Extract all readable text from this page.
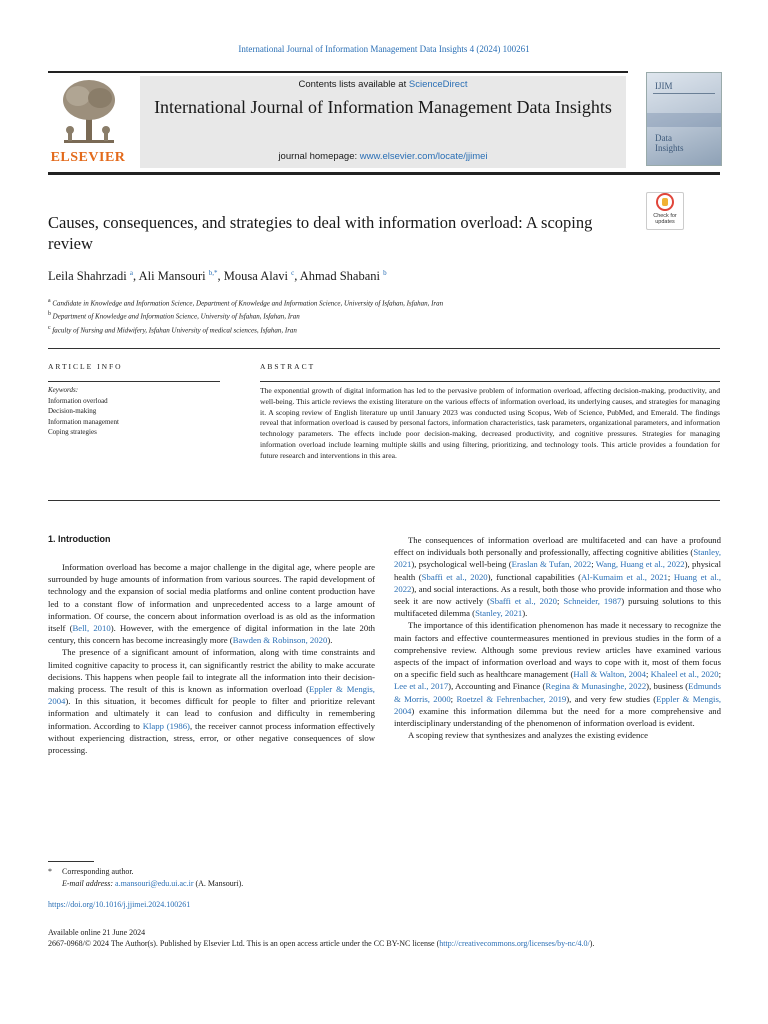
International Journal of Information Management Data Insights 4 (2024) 100261
ELSEVIER
Contents lists available at ScienceDirect
International Journal of Information Management Data Insights
journal homepage: www.elsevier.com/locate/jjimei
IJIM
Data
Insights
Check for
updates
Causes, consequences, and strategies to deal with information overload: A scoping review
Leila Shahrzadi $^a$, Ali Mansouri $^{b,*}$, Mousa Alavi $^c$, Ahmad Shabani $^b$
$^a$ Candidate in Knowledge and Information Science, Department of Knowledge and Information Science, University of Isfahan, Isfahan, Iran
$^b$ Department of Knowledge and Information Science, University of Isfahan, Isfahan, Iran
$^c$ faculty of Nursing and Midwifery, Isfahan University of medical sciences, Isfahan, Iran
ARTICLE INFO	ABSTRACT
Keywords:
Information overload
Decision-making
Information management
Coping strategies
The exponential growth of digital information has led to the pervasive problem of information overload, affecting decision-making, productivity, and well-being. This article reviews the existing literature on the various effects of information overload, its underlying causes, and strategies for managing it. A scoping review of English literature up until January 2023 was conducted using Scopus, Web of Science, PubMed, and Emerald. The findings reveal that information overload is caused by personal factors, information characteristics, task parameters, organizational parameters, and information technology parameters. The effects include poor decision-making, decreased productivity, and cognitive pressures. Strategies for managing information overload include learning multiple skills and using filtering, prioritizing, and technology tools. This article provides a foundation for future research and interventions in this area.
1. Introduction

Information overload has become a major challenge in the digital age, where people are surrounded by huge amounts of information from various sources. The rapid development of technology and the expansion of social media platforms and online content production have led to a constant flow of information and unprecedented access to a large amount of information. Of course, the concern about information overload is as old as the information itself (Bell, 2010). However, with the emergence of digital information in the late 20th century, this concern has become increasingly more (Bawden & Robinson, 2020).

The presence of a significant amount of information, along with time constraints and limited cognitive capacity to process it, can significantly restrict the ability to make accurate decisions. This happens when people fail to integrate all the information into their decision-making process. The result of this is known as information overload (Eppler & Mengis, 2004). In this situation, it becomes difficult for people to filter and prioritize relevant information and ultimately it can lead to confusion and difficulty in remembering information. According to Klapp (1986), the receiver cannot process information effectively without experiencing distraction, stress, error, or other negative consequences of slow processing.

The consequences of information overload are multifaceted and can have a profound effect on individuals both personally and professionally, affecting cognitive abilities (Stanley, 2021), psychological well-being (Eraslan & Tufan, 2022; Wang, Huang et al., 2022), physical health (Sbaffi et al., 2020), functional capabilities (Al-Kumaim et al., 2021; Huang et al., 2022), and social interactions. As a result, both those who provide information and those who seek it are now actively (Sbaffi et al., 2020; Schneider, 1987) pursuing solutions to this multifaceted dilemma (Stanley, 2021).

The importance of this identification phenomenon has made it necessary to recognize the main factors and effective countermeasures mentioned in previous studies in the form of a comprehensive review. Although some previous review articles have examined various aspects of the impact of information overload and ways to cope with it, most of them focus on a specific field such as healthcare management (Hall & Walton, 2004; Khaleel et al., 2020; Lee et al., 2017), Accounting and Finance (Regina & Munasinghe, 2022), business (Edmunds & Morris, 2000; Roetzel & Fehrenbacher, 2019), and very few studies (Eppler & Mengis, 2004) examine this information dilemma but the need for a more comprehensive and interdisciplinary understanding of the phenomenon of information overload is evident.

A scoping review that synthesizes and analyzes the existing evidence

* Corresponding author.
E-mail address: a.mansouri@edu.ui.ac.ir (A. Mansouri).
https://doi.org/10.1016/j.jjimei.2024.100261
Available online 21 June 2024
2667-0968/© 2024 The Author(s). Published by Elsevier Ltd. This is an open access article under the CC BY-NC license (http://creativecommons.org/licenses/by-nc/4.0/).
